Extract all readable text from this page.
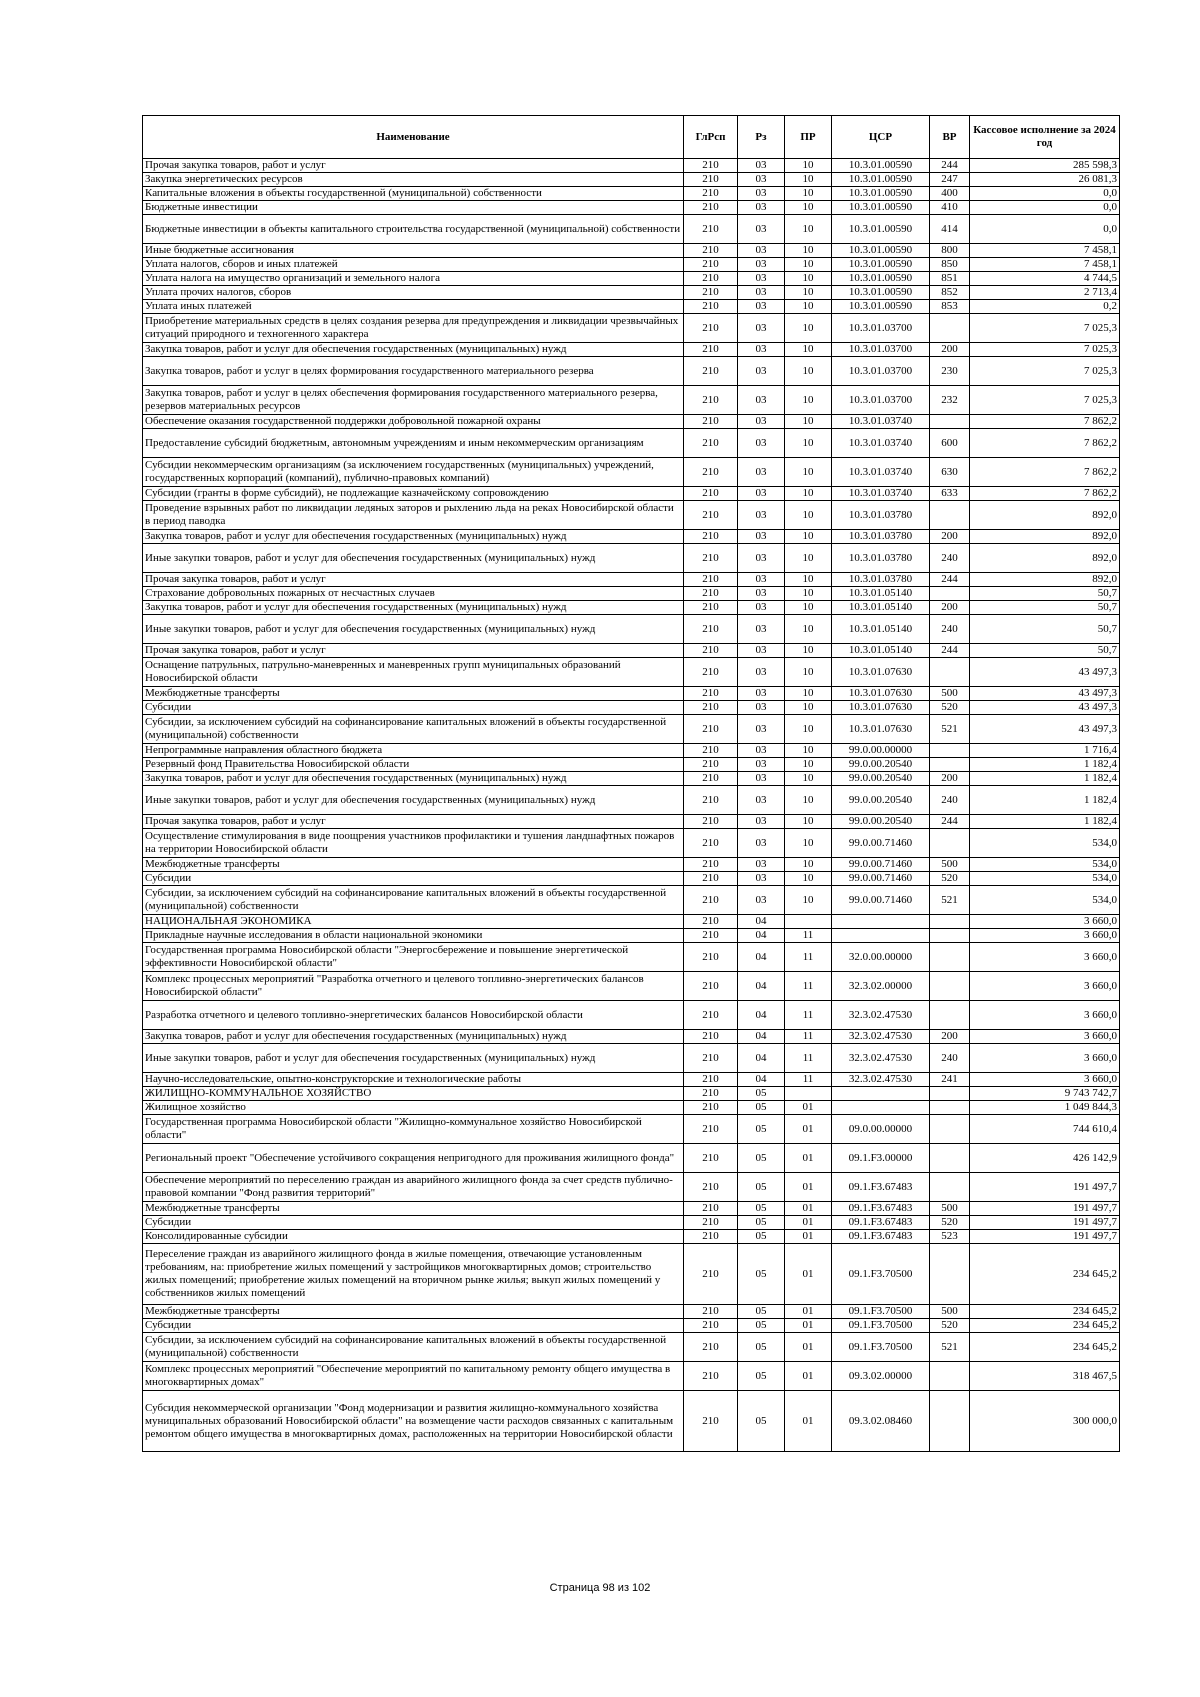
Наименование	ГлРсп	Рз	ПР	ЦСР	ВР	Кассовое исполнение за 2024 год
Прочая закупка товаров, работ и услуг	210	03	10	10.3.01.00590	244	285 598,3
Закупка энергетических ресурсов	210	03	10	10.3.01.00590	247	26 081,3
Капитальные вложения в объекты государственной (муниципальной) собственности	210	03	10	10.3.01.00590	400	0,0
Бюджетные инвестиции	210	03	10	10.3.01.00590	410	0,0
Бюджетные инвестиции в объекты капитального строительства государственной (муниципальной) собственности	210	03	10	10.3.01.00590	414	0,0
Иные бюджетные ассигнования	210	03	10	10.3.01.00590	800	7 458,1
Уплата налогов, сборов и иных платежей	210	03	10	10.3.01.00590	850	7 458,1
Уплата налога на имущество организаций и земельного налога	210	03	10	10.3.01.00590	851	4 744,5
Уплата прочих налогов, сборов	210	03	10	10.3.01.00590	852	2 713,4
Уплата иных платежей	210	03	10	10.3.01.00590	853	0,2
Приобретение материальных средств в целях создания резерва для предупреждения и ликвидации чрезвычайных ситуаций природного и техногенного характера	210	03	10	10.3.01.03700		7 025,3
Закупка товаров, работ и услуг для обеспечения государственных (муниципальных) нужд	210	03	10	10.3.01.03700	200	7 025,3
Закупка товаров, работ и услуг в целях формирования государственного материального резерва	210	03	10	10.3.01.03700	230	7 025,3
Закупка товаров, работ и услуг в целях обеспечения формирования государственного материального резерва, резервов материальных ресурсов	210	03	10	10.3.01.03700	232	7 025,3
Обеспечение оказания государственной поддержки добровольной пожарной охраны	210	03	10	10.3.01.03740		7 862,2
Предоставление субсидий бюджетным, автономным учреждениям и иным некоммерческим организациям	210	03	10	10.3.01.03740	600	7 862,2
Субсидии некоммерческим организациям (за исключением государственных (муниципальных) учреждений, государственных корпораций (компаний), публично-правовых компаний)	210	03	10	10.3.01.03740	630	7 862,2
Субсидии (гранты в форме субсидий), не подлежащие казначейскому сопровождению	210	03	10	10.3.01.03740	633	7 862,2
Проведение взрывных работ по ликвидации ледяных заторов и рыхлению льда на реках Новосибирской области в период паводка	210	03	10	10.3.01.03780		892,0
Закупка товаров, работ и услуг для обеспечения государственных (муниципальных) нужд	210	03	10	10.3.01.03780	200	892,0
Иные закупки товаров, работ и услуг для обеспечения государственных (муниципальных) нужд	210	03	10	10.3.01.03780	240	892,0
Прочая закупка товаров, работ и услуг	210	03	10	10.3.01.03780	244	892,0
Страхование добровольных пожарных от несчастных случаев	210	03	10	10.3.01.05140		50,7
Закупка товаров, работ и услуг для обеспечения государственных (муниципальных) нужд	210	03	10	10.3.01.05140	200	50,7
Иные закупки товаров, работ и услуг для обеспечения государственных (муниципальных) нужд	210	03	10	10.3.01.05140	240	50,7
Прочая закупка товаров, работ и услуг	210	03	10	10.3.01.05140	244	50,7
Оснащение патрульных, патрульно-маневренных и маневренных групп муниципальных образований Новосибирской области	210	03	10	10.3.01.07630		43 497,3
Межбюджетные трансферты	210	03	10	10.3.01.07630	500	43 497,3
Субсидии	210	03	10	10.3.01.07630	520	43 497,3
Субсидии, за исключением субсидий на софинансирование капитальных вложений в объекты государственной (муниципальной) собственности	210	03	10	10.3.01.07630	521	43 497,3
Непрограммные направления областного бюджета	210	03	10	99.0.00.00000		1 716,4
Резервный фонд Правительства Новосибирской области	210	03	10	99.0.00.20540		1 182,4
Закупка товаров, работ и услуг для обеспечения государственных (муниципальных) нужд	210	03	10	99.0.00.20540	200	1 182,4
Иные закупки товаров, работ и услуг для обеспечения государственных (муниципальных) нужд	210	03	10	99.0.00.20540	240	1 182,4
Прочая закупка товаров, работ и услуг	210	03	10	99.0.00.20540	244	1 182,4
Осуществление стимулирования в виде поощрения участников профилактики и тушения ландшафтных пожаров на территории Новосибирской области	210	03	10	99.0.00.71460		534,0
Межбюджетные трансферты	210	03	10	99.0.00.71460	500	534,0
Субсидии	210	03	10	99.0.00.71460	520	534,0
Субсидии, за исключением субсидий на софинансирование капитальных вложений в объекты государственной (муниципальной) собственности	210	03	10	99.0.00.71460	521	534,0
НАЦИОНАЛЬНАЯ ЭКОНОМИКА	210	04				3 660,0
Прикладные научные исследования в области национальной экономики	210	04	11			3 660,0
Государственная программа Новосибирской области "Энергосбережение и повышение энергетической эффективности Новосибирской области"	210	04	11	32.0.00.00000		3 660,0
Комплекс процессных мероприятий "Разработка отчетного и целевого топливно-энергетических балансов Новосибирской области"	210	04	11	32.3.02.00000		3 660,0
Разработка отчетного и целевого топливно-энергетических балансов Новосибирской области	210	04	11	32.3.02.47530		3 660,0
Закупка товаров, работ и услуг для обеспечения государственных (муниципальных) нужд	210	04	11	32.3.02.47530	200	3 660,0
Иные закупки товаров, работ и услуг для обеспечения государственных (муниципальных) нужд	210	04	11	32.3.02.47530	240	3 660,0
Научно-исследовательские, опытно-конструкторские и технологические работы	210	04	11	32.3.02.47530	241	3 660,0
ЖИЛИЩНО-КОММУНАЛЬНОЕ ХОЗЯЙСТВО	210	05				9 743 742,7
Жилищное хозяйство	210	05	01			1 049 844,3
Государственная программа Новосибирской области "Жилищно-коммунальное хозяйство Новосибирской области"	210	05	01	09.0.00.00000		744 610,4
Региональный проект "Обеспечение устойчивого сокращения непригодного для проживания жилищного фонда"	210	05	01	09.1.F3.00000		426 142,9
Обеспечение мероприятий по переселению граждан из аварийного жилищного фонда за счет средств публично-правовой компании "Фонд развития территорий"	210	05	01	09.1.F3.67483		191 497,7
Межбюджетные трансферты	210	05	01	09.1.F3.67483	500	191 497,7
Субсидии	210	05	01	09.1.F3.67483	520	191 497,7
Консолидированные субсидии	210	05	01	09.1.F3.67483	523	191 497,7
Переселение граждан из аварийного жилищного фонда в жилые помещения, отвечающие установленным требованиям, на: приобретение жилых помещений у застройщиков многоквартирных домов; строительство жилых помещений; приобретение жилых помещений на вторичном рынке жилья; выкуп жилых помещений у собственников жилых помещений	210	05	01	09.1.F3.70500		234 645,2
Межбюджетные трансферты	210	05	01	09.1.F3.70500	500	234 645,2
Субсидии	210	05	01	09.1.F3.70500	520	234 645,2
Субсидии, за исключением субсидий на софинансирование капитальных вложений в объекты государственной (муниципальной) собственности	210	05	01	09.1.F3.70500	521	234 645,2
Комплекс процессных мероприятий "Обеспечение мероприятий по капитальному ремонту общего имущества в многоквартирных домах"	210	05	01	09.3.02.00000		318 467,5
Субсидия некоммерческой организации "Фонд модернизации и развития жилищно-коммунального хозяйства муниципальных образований Новосибирской области" на возмещение части расходов связанных с капитальным ремонтом общего имущества в многоквартирных домах, расположенных на территории Новосибирской области	210	05	01	09.3.02.08460		300 000,0
Страница 98 из 102
